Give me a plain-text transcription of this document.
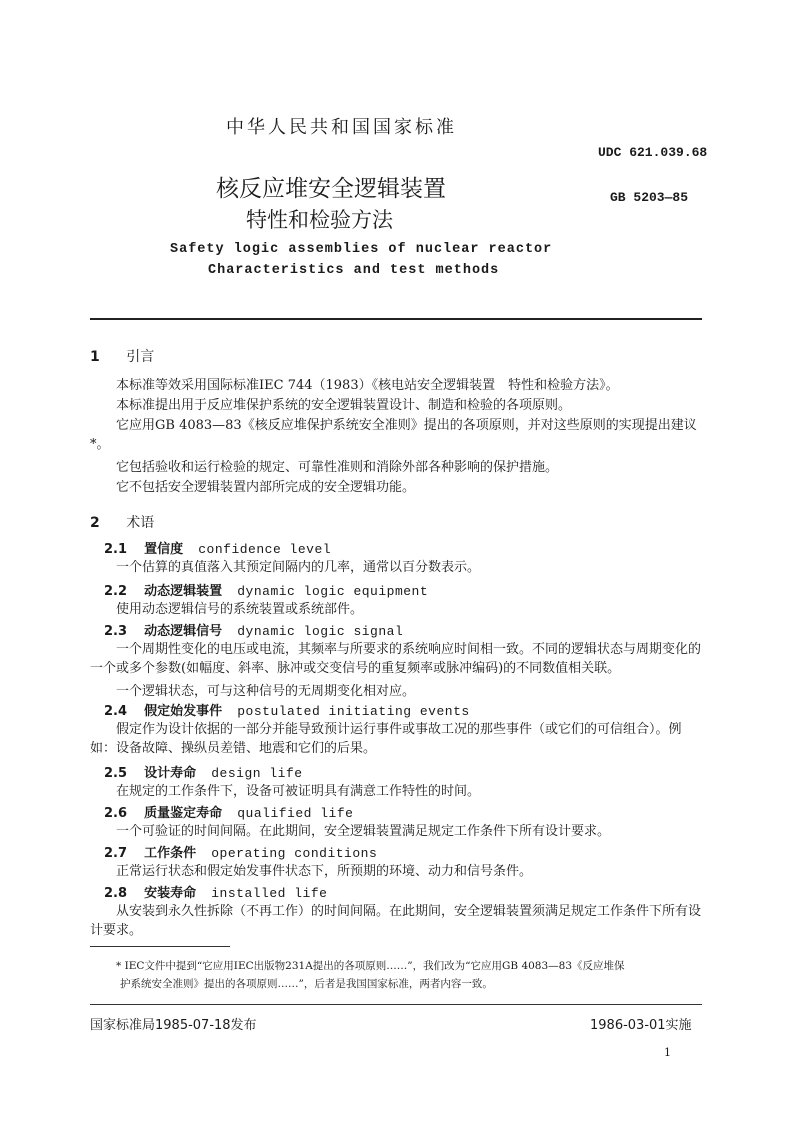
中华人民共和国国家标准
UDC 621.039.68
核反应堆安全逻辑装置	GB 5203—85
特性和检验方法
Safety logic assemblies of nuclear reactor
Characteristics and test methods
1 引言
本标准等效采用国际标准IEC 744（1983）《核电站安全逻辑装置　特性和检验方法》。
本标准提出用于反应堆保护系统的安全逻辑装置设计、制造和检验的各项原则。
它应用GB 4083—83《核反应堆保护系统安全准则》提出的各项原则，并对这些原则的实现提出建议*。
它包括验收和运行检验的规定、可靠性准则和消除外部各种影响的保护措施。
它不包括安全逻辑装置内部所完成的安全逻辑功能。
2 术语
2.1 置信度 confidence level
一个估算的真值落入其预定间隔内的几率，通常以百分数表示。
2.2 动态逻辑装置 dynamic logic equipment
使用动态逻辑信号的系统装置或系统部件。
2.3 动态逻辑信号 dynamic logic signal
一个周期性变化的电压或电流，其频率与所要求的系统响应时间相一致。不同的逻辑状态与周期变化的一个或多个参数(如幅度、斜率、脉冲或交变信号的重复频率或脉冲编码)的不同数值相关联。
一个逻辑状态，可与这种信号的无周期变化相对应。
2.4 假定始发事件 postulated initiating events
假定作为设计依据的一部分并能导致预计运行事件或事故工况的那些事件（或它们的可信组合）。例如：设备故障、操纵员差错、地震和它们的后果。
2.5 设计寿命 design life
在规定的工作条件下，设备可被证明具有满意工作特性的时间。
2.6 质量鉴定寿命 qualified life
一个可验证的时间间隔。在此期间，安全逻辑装置满足规定工作条件下所有设计要求。
2.7 工作条件 operating conditions
正常运行状态和假定始发事件状态下，所预期的环境、动力和信号条件。
2.8 安装寿命 installed life
从安装到永久性拆除（不再工作）的时间间隔。在此期间，安全逻辑装置须满足规定工作条件下所有设计要求。
* IEC文件中提到“它应用IEC出版物231A提出的各项原则……”，我们改为“它应用GB 4083—83《反应堆保
护系统安全准则》提出的各项原则……”，后者是我国国家标准，两者内容一致。
国家标准局1985-07-18发布	1986-03-01实施
1
